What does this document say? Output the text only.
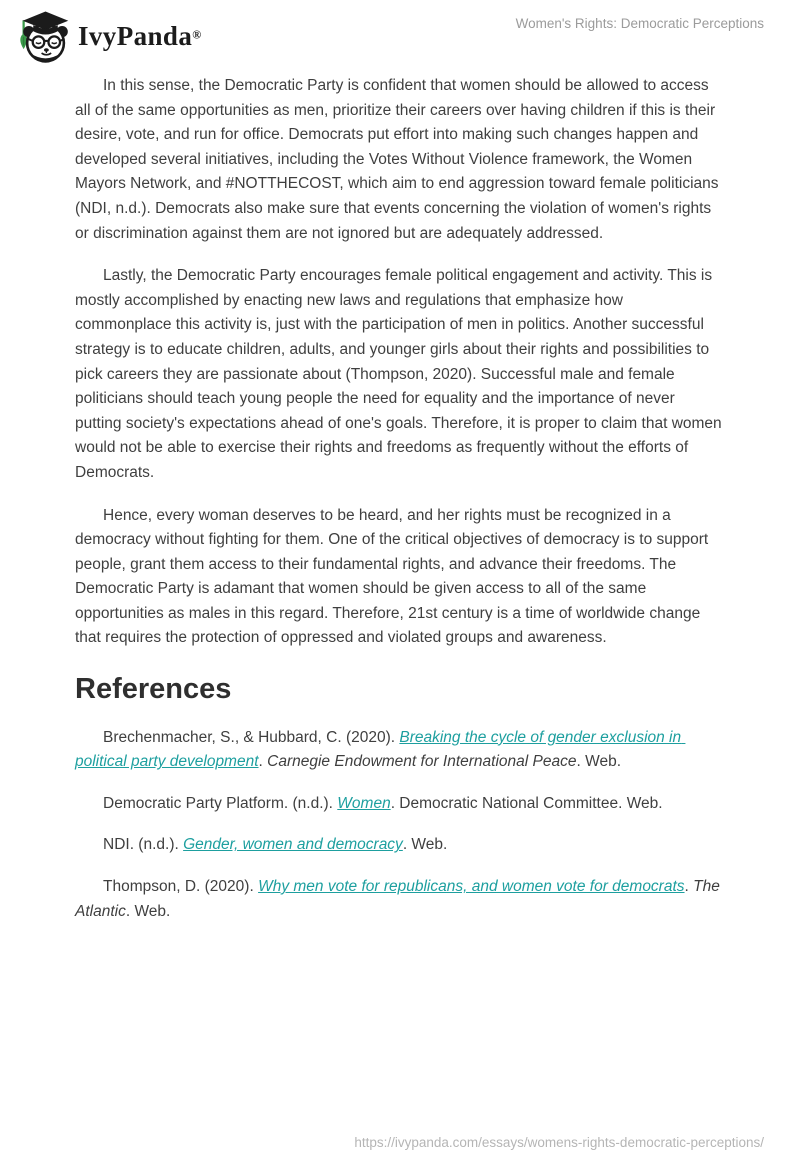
IvyPanda®
Women's Rights: Democratic Perceptions

In this sense, the Democratic Party is confident that women should be allowed to access all of the same opportunities as men, prioritize their careers over having children if this is their desire, vote, and run for office. Democrats put effort into making such changes happen and developed several initiatives, including the Votes Without Violence framework, the Women Mayors Network, and #NOTTHECOST, which aim to end aggression toward female politicians (NDI, n.d.). Democrats also make sure that events concerning the violation of women's rights or discrimination against them are not ignored but are adequately addressed.

Lastly, the Democratic Party encourages female political engagement and activity. This is mostly accomplished by enacting new laws and regulations that emphasize how commonplace this activity is, just with the participation of men in politics. Another successful strategy is to educate children, adults, and younger girls about their rights and possibilities to pick careers they are passionate about (Thompson, 2020). Successful male and female politicians should teach young people the need for equality and the importance of never putting society's expectations ahead of one's goals. Therefore, it is proper to claim that women would not be able to exercise their rights and freedoms as frequently without the efforts of Democrats.

Hence, every woman deserves to be heard, and her rights must be recognized in a democracy without fighting for them. One of the critical objectives of democracy is to support people, grant them access to their fundamental rights, and advance their freedoms. The Democratic Party is adamant that women should be given access to all of the same opportunities as males in this regard. Therefore, 21st century is a time of worldwide change that requires the protection of oppressed and violated groups and awareness.

References

Brechenmacher, S., & Hubbard, C. (2020). Breaking the cycle of gender exclusion in political party development. Carnegie Endowment for International Peace. Web.

Democratic Party Platform. (n.d.). Women. Democratic National Committee. Web.

NDI. (n.d.). Gender, women and democracy. Web.

Thompson, D. (2020). Why men vote for republicans, and women vote for democrats. The Atlantic. Web.

https://ivypanda.com/essays/womens-rights-democratic-perceptions/
